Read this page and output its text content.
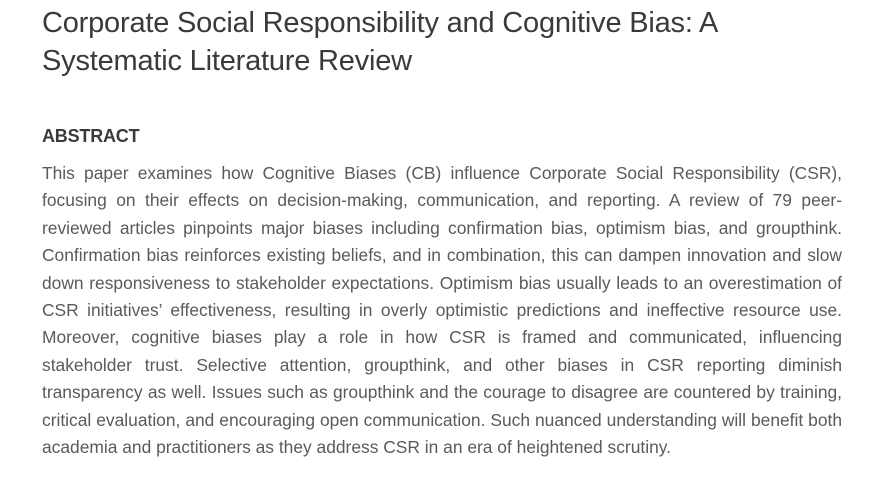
Corporate Social Responsibility and Cognitive Bias: A Systematic Literature Review
ABSTRACT

This paper examines how Cognitive Biases (CB) influence Corporate Social Responsibility (CSR), focusing on their effects on decision-making, communication, and reporting. A review of 79 peer-reviewed articles pinpoints major biases including confirmation bias, optimism bias, and groupthink. Confirmation bias reinforces existing beliefs, and in combination, this can dampen innovation and slow down responsiveness to stakeholder expectations. Optimism bias usually leads to an overestimation of CSR initiatives’ effectiveness, resulting in overly optimistic predictions and ineffective resource use. Moreover, cognitive biases play a role in how CSR is framed and communicated, influencing stakeholder trust. Selective attention, groupthink, and other biases in CSR reporting diminish transparency as well. Issues such as groupthink and the courage to disagree are countered by training, critical evaluation, and encouraging open communication. Such nuanced understanding will benefit both academia and practitioners as they address CSR in an era of heightened scrutiny.
